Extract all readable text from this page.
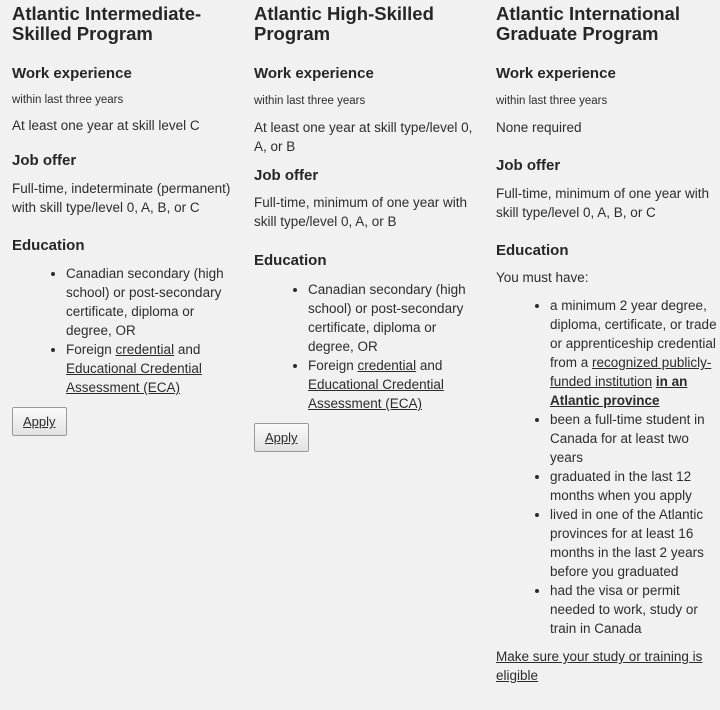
Atlantic Intermediate-Skilled Program
Work experience

within last three years

At least one year at skill level C

Job offer

Full-time, indeterminate (permanent) with skill type/level 0, A, B, or C

Education
• Canadian secondary (high school) or post-secondary certificate, diploma or degree, OR
• Foreign credential and Educational Credential Assessment (ECA)
Apply
Atlantic High-Skilled Program
Work experience

within last three years

At least one year at skill type/level 0, A, or B

Job offer

Full-time, minimum of one year with skill type/level 0, A, or B

Education
• Canadian secondary (high school) or post-secondary certificate, diploma or degree, OR
• Foreign credential and Educational Credential Assessment (ECA)
Apply
Atlantic International Graduate Program
Work experience

within last three years

None required

Job offer

Full-time, minimum of one year with skill type/level 0, A, B, or C

Education

You must have:

• a minimum 2 year degree, diploma, certificate, or trade or apprenticeship credential from a recognized publicly-funded institution in an Atlantic province
• been a full-time student in Canada for at least two years
• graduated in the last 12 months when you apply
• lived in one of the Atlantic provinces for at least 16 months in the last 2 years before you graduated
• had the visa or permit needed to work, study or train in Canada

Make sure your study or training is eligible
